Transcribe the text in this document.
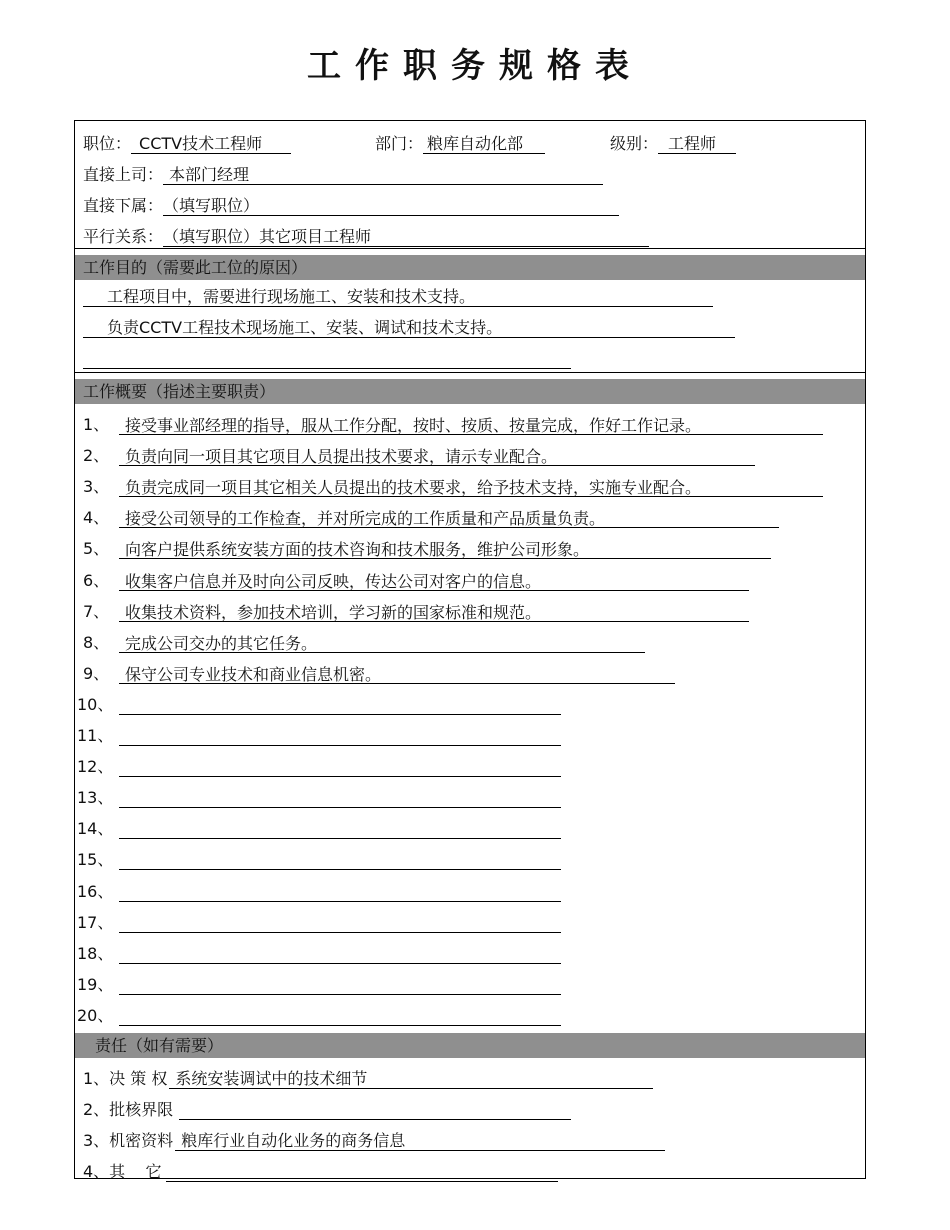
工作职务规格表
职位： CCTV技术工程师	部门： 粮库自动化部	级别： 工程师
直接上司： 本部门经理
直接下属：（填写职位）
平行关系：（填写职位）其它项目工程师
工作目的（需要此工位的原因）
工程项目中，需要进行现场施工、安装和技术支持。
负责CCTV工程技术现场施工、安装、调试和技术支持。
工作概要（指述主要职责）
1、 接受事业部经理的指导，服从工作分配，按时、按质、按量完成，作好工作记录。
2、 负责向同一项目其它项目人员提出技术要求，请示专业配合。
3、 负责完成同一项目其它相关人员提出的技术要求，给予技术支持，实施专业配合。
4、 接受公司领导的工作检查，并对所完成的工作质量和产品质量负责。
5、 向客户提供系统安装方面的技术咨询和技术服务，维护公司形象。
6、 收集客户信息并及时向公司反映，传达公司对客户的信息。
7、 收集技术资料，参加技术培训，学习新的国家标准和规范。
8、 完成公司交办的其它任务。
9、 保守公司专业技术和商业信息机密。
10、
11、
12、
13、
14、
15、
16、
17、
18、
19、
20、
责任（如有需要）
1、决 策 权 系统安装调试中的技术细节
2、批核界限
3、机密资料 粮库行业自动化业务的商务信息
4、其    它
